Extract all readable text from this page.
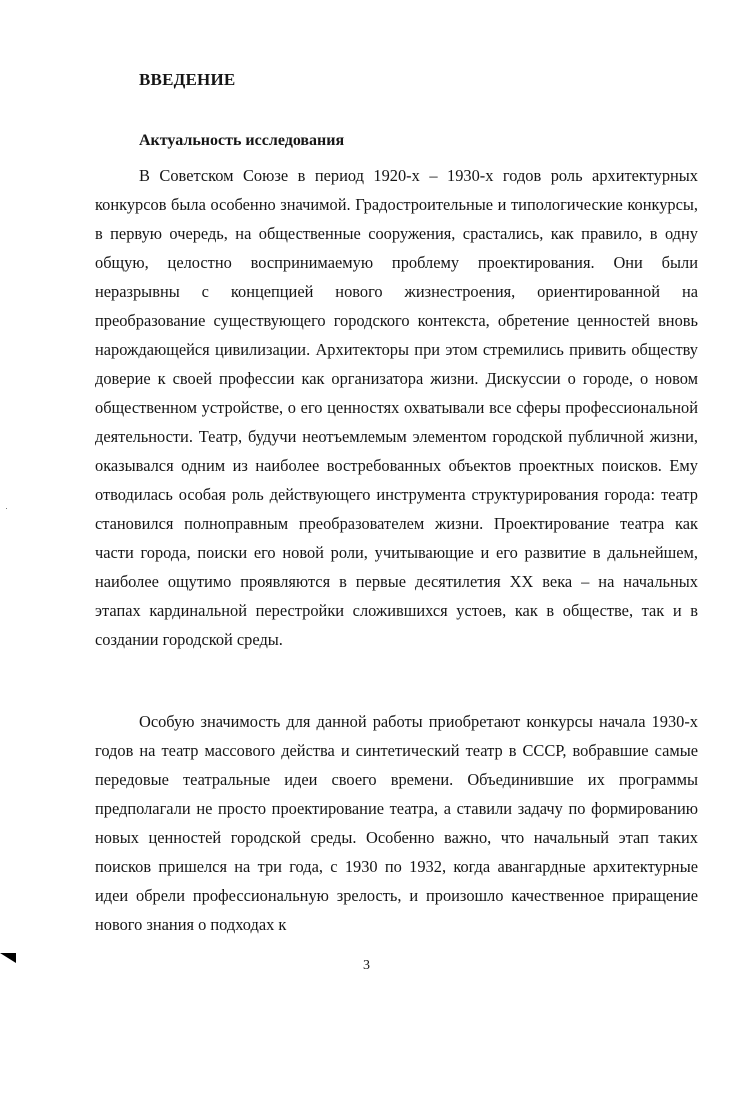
ВВЕДЕНИЕ
Актуальность исследования

В Советском Союзе в период 1920-х – 1930-х годов роль архитектурных конкурсов была особенно значимой. Градостроительные и типологические конкурсы, в первую очередь, на общественные сооружения, срастались, как правило, в одну общую, целостно воспринимаемую проблему проектирования. Они были неразрывны с концепцией нового жизнестроения, ориентированной на преобразование существующего городского контекста, обретение ценностей вновь нарождающейся цивилизации. Архитекторы при этом стремились привить обществу доверие к своей профессии как организатора жизни. Дискуссии о городе, о новом общественном устройстве, о его ценностях охватывали все сферы профессиональной деятельности. Театр, будучи неотъемлемым элементом городской публичной жизни, оказывался одним из наиболее востребованных объектов проектных поисков. Ему отводилась особая роль действующего инструмента структурирования города: театр становился полноправным преобразователем жизни. Проектирование театра как части города, поиски его новой роли, учитывающие и его развитие в дальнейшем, наиболее ощутимо проявляются в первые десятилетия XX века – на начальных этапах кардинальной перестройки сложившихся устоев, как в обществе, так и в создании городской среды.

Особую значимость для данной работы приобретают конкурсы начала 1930-х годов на театр массового действа и синтетический театр в СССР, вобравшие самые передовые театральные идеи своего времени. Объединившие их программы предполагали не просто проектирование театра, а ставили задачу по формированию новых ценностей городской среды. Особенно важно, что начальный этап таких поисков пришелся на три года, с 1930 по 1932, когда авангардные архитектурные идеи обрели профессиональную зрелость, и произошло качественное приращение нового знания о подходах к

3
